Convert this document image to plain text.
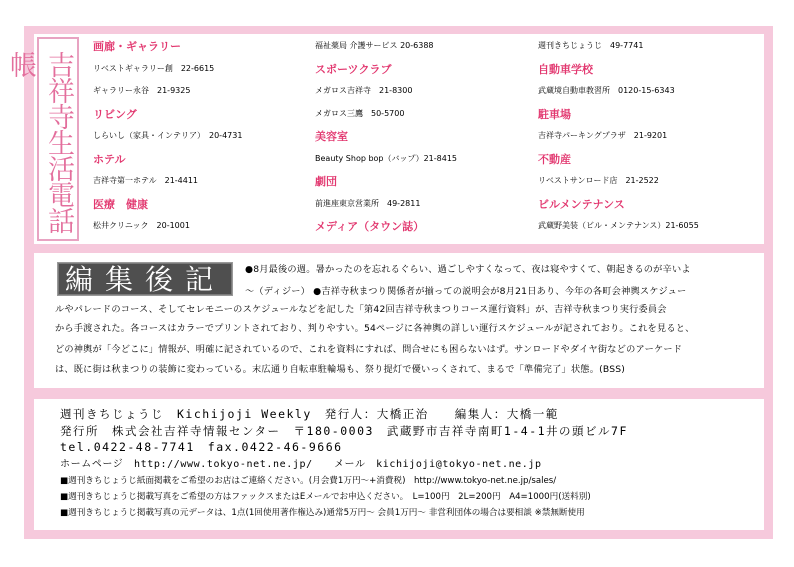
吉祥寺生活電話帳
画廊・ギャラリー
リベストギャラリー創　22-6615
ギャラリー永谷　21-9325
リビング
しらいし（家具・インテリア）　20-4731
ホテル
吉祥寺第一ホテル　21-4411
医療　健康
松井クリニック　20-1001
福祉薬局 介護サービス 20-6388
スポーツクラブ
メガロス吉祥寺　21-8300
メガロス三鷹　50-5700
美容室
Beauty Shop bop（バップ）21-8415
劇団
前進座東京営業所　49-2811
メディア（タウン誌）
週刊きちじょうじ　49-7741
自動車学校
武蔵境自動車教習所　0120-15-6343
駐車場
吉祥寺パーキングプラザ　21-9201
不動産
リベストサンロード店　21-2522
ビルメンテナンス
武蔵野美装（ビル・メンテナンス）21-6055
編集後記	●8月最後の週。暑かったのを忘れるぐらい、過ごしやすくなって、夜は寝やすくて、朝起きるのが辛いよ
～（ディジー） ●吉祥寺秋まつり関係者が揃っての説明会が8月21日あり、今年の各町会神輿スケジュー
ルやパレードのコース、そしてセレモニーのスケジュールなどを記した「第42回吉祥寺秋まつりコース運行資料」が、吉祥寺秋まつり実行委員会
から手渡された。各コースはカラーでプリントされており、判りやすい。54ページに各神輿の詳しい運行スケジュールが記されており。これを見ると、
どの神輿が「今どこに」情報が、明確に記されているので、これを資料にすれば、問合せにも困らないはず。サンロードやダイヤ街などのアーケード
は、既に街は秋まつりの装飾に変わっている。末広通り自転車駐輪場も、祭り提灯で優いっくされて、まるで「準備完了」状態。(BSS)
週刊きちじょうじ　Kichijoji Weekly　発行人：大橋正治　　編集人：大橋一範
発行所　株式会社吉祥寺情報センター　〒180-0003　武蔵野市吉祥寺南町1-4-1井の頭ビル7F
tel.0422-48-7741　fax.0422-46-9666
ホームページ　http://www.tokyo-net.ne.jp/　　メール　kichijoji@tokyo-net.ne.jp
■週刊きちじょうじ紙面掲載をご希望のお店はご連絡ください。(月会費1万円～+消費税)　http://www.tokyo-net.ne.jp/sales/
■週刊きちじょうじ掲載写真をご希望の方はファックスまたはEメールでお申込ください。　L=100円　2L=200円　A4=1000円(送料別)
■週刊きちじょうじ掲載写真の元データは、1点(1回使用著作権込み)通常5万円～ 会員1万円～ 非営利団体の場合は要相談 ※禁無断使用
